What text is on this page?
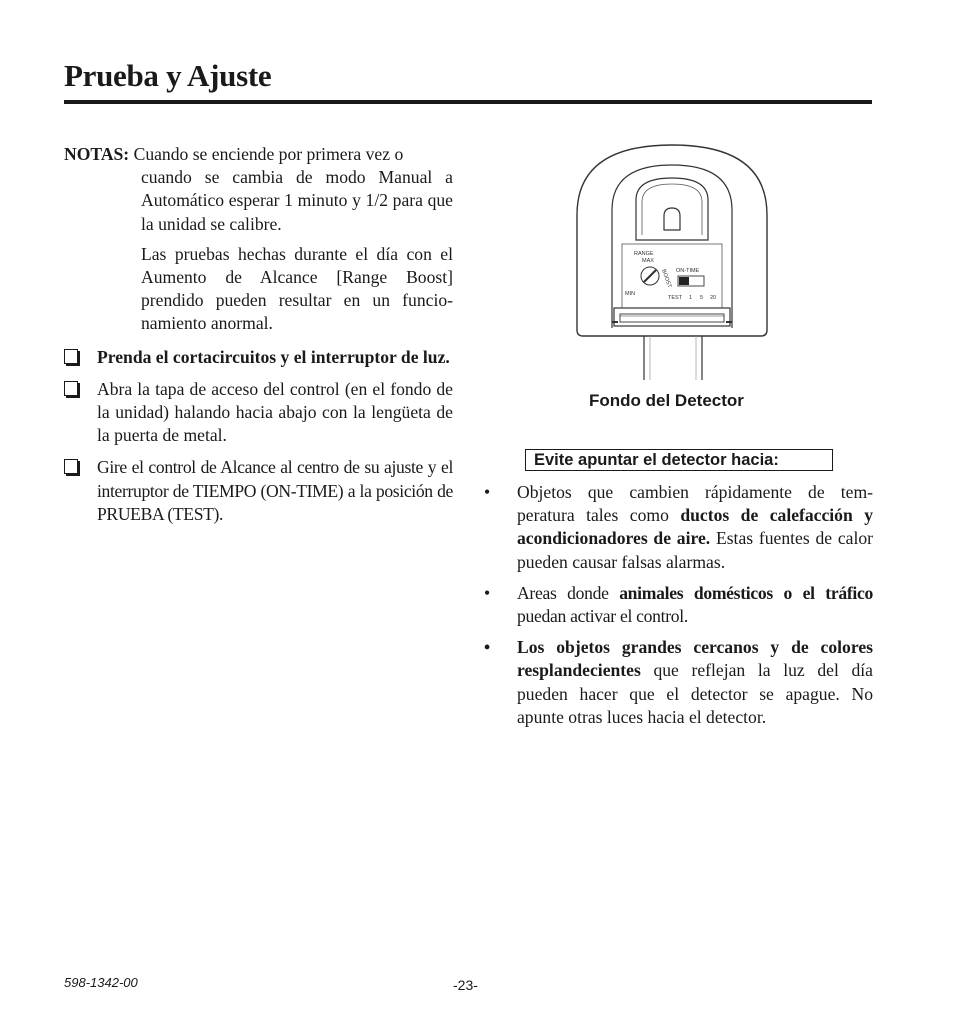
Prueba y Ajuste

NOTAS: Cuando se enciende por primera vez o

cuando se cambia de modo Manual a Automático esperar 1 minuto y 1/2 para que la unidad se calibre.

Las pruebas hechas durante el día con el Aumento de Alcance [Range Boost] prendido pueden resultar en un funcio- namiento anormal.

Prenda el cortacircuitos y el interruptor de luz.
Abra la tapa de acceso del control (en el fondo de la unidad) halando hacia abajo con la lengüeta de la puerta de metal.
Gire el control de Alcance al centro de su ajuste y el interruptor de TIEMPO (ON-TIME) a la posición de PRUEBA (TEST).
RANGE
MAX
MIN
BOOST ON-TIME
TEST 1 5 20
Fondo del Detector
Evite apuntar el detector hacia:
• Objetos que cambien rápidamente de tem- peratura tales como ductos de calefacción y acondicionadores de aire. Estas fuentes de calor pueden causar falsas alarmas.
• Areas donde animales domésticos o el tráfico puedan activar el control.
• Los objetos grandes cercanos y de colores resplandecientes que reflejan la luz del día pueden hacer que el detector se apague. No apunte otras luces hacia el detector.
598-1342-00	-23-
